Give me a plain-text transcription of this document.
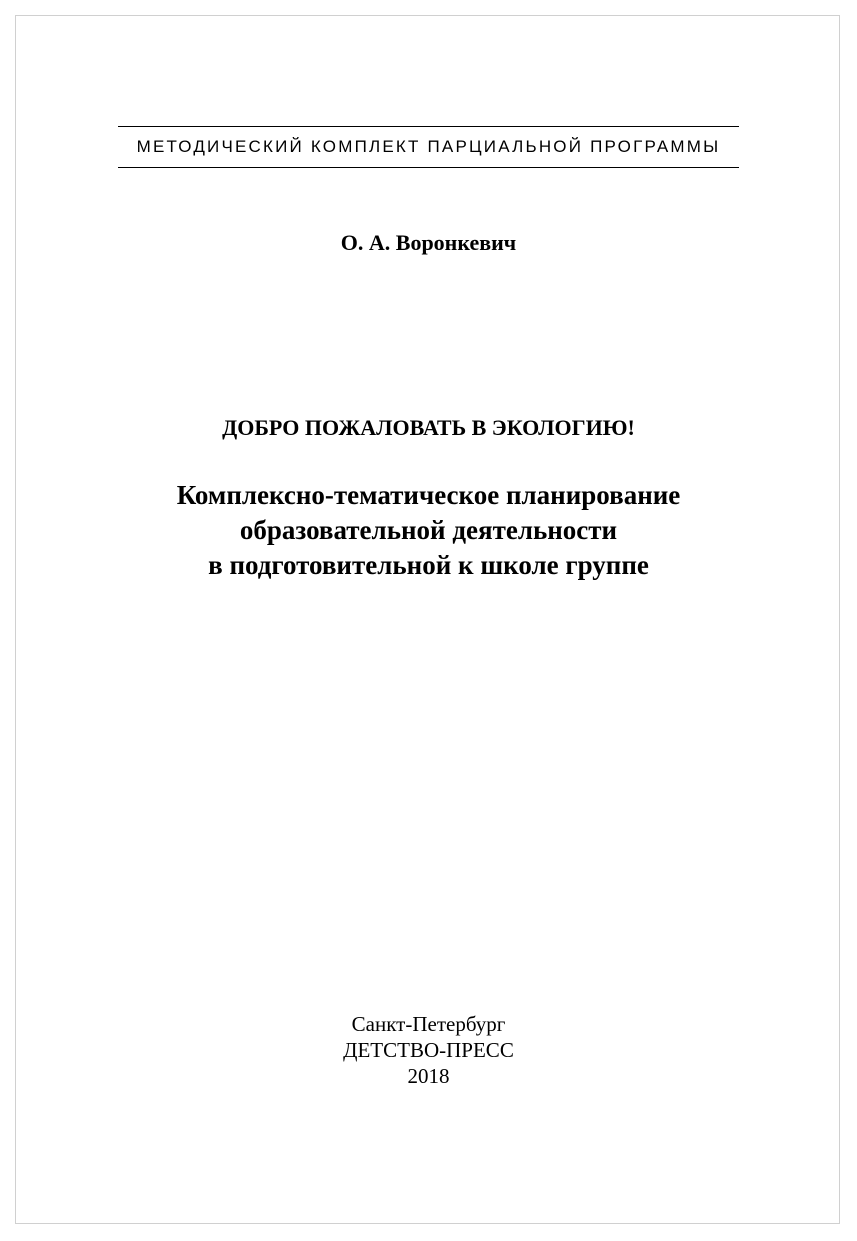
МЕТОДИЧЕСКИЙ КОМПЛЕКТ ПАРЦИАЛЬНОЙ ПРОГРАММЫ
О. А. Воронкевич
ДОБРО ПОЖАЛОВАТЬ В ЭКОЛОГИЮ!
Комплексно-тематическое планирование
образовательной деятельности
в подготовительной к школе группе
Санкт-Петербург
ДЕТСТВО-ПРЕСС
2018
